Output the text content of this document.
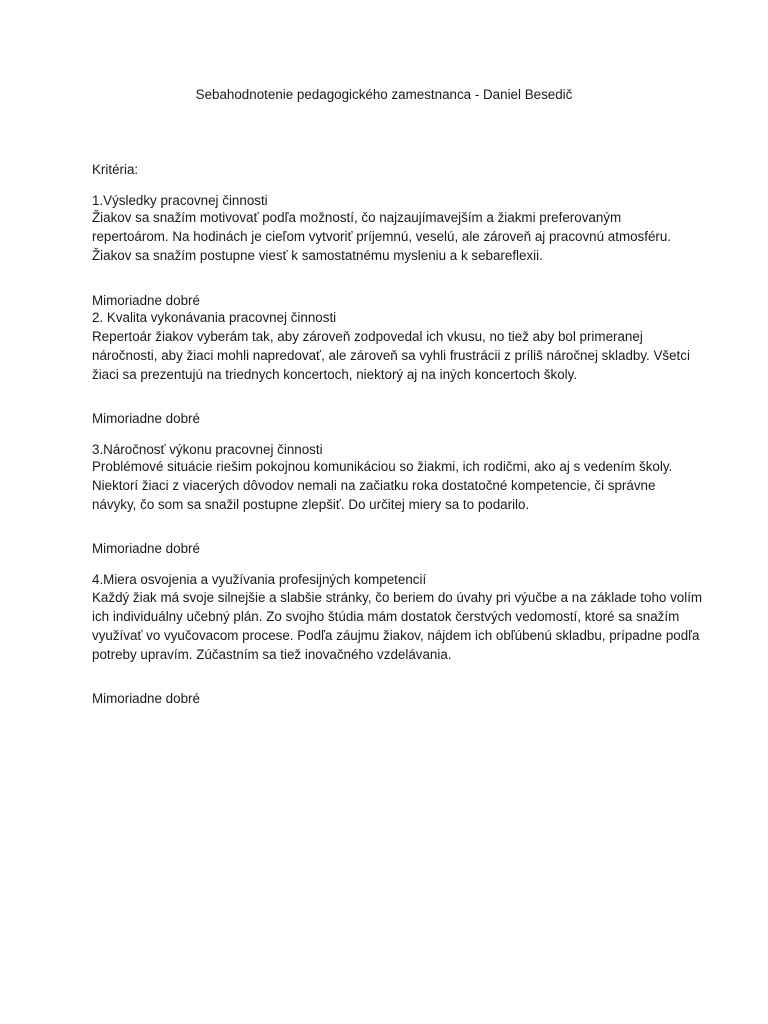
Sebahodnotenie pedagogického zamestnanca - Daniel Besedič

Kritéria:

1.Výsledky pracovnej činnosti

Žiakov sa snažím motivovať podľa možností, čo najzaujímavejším a žiakmi preferovaným
repertoárom. Na hodinách je cieľom vytvoriť príjemnú, veselú, ale zároveň aj pracovnú atmosféru.
Žiakov sa snažím postupne viesť k samostatnému mysleniu a k sebareflexii.

Mimoriadne dobré

2. Kvalita vykonávania pracovnej činnosti
Repertoár žiakov vyberám tak, aby zároveň zodpovedal ich vkusu, no tiež aby bol primeranej
náročnosti, aby žiaci mohli napredovať, ale zároveň sa vyhli frustrácii z príliš náročnej skladby. Všetci
žiaci sa prezentujú na triednych koncertoch, niektorý aj na iných koncertoch školy.

Mimoriadne dobré

3.Náročnosť výkonu pracovnej činnosti

Problémové situácie riešim pokojnou komunikáciou so žiakmi, ich rodičmi, ako aj s vedením školy.
Niektorí žiaci z viacerých dôvodov nemali na začiatku roka dostatočné kompetencie, či správne
návyky, čo som sa snažil postupne zlepšiť. Do určitej miery sa to podarilo.

Mimoriadne dobré

4.Miera osvojenia a využívania profesijných kompetencií

Každý žiak má svoje silnejšie a slabšie stránky, čo beriem do úvahy pri výučbe a na základe toho volím
ich individuálny učebný plán. Zo svojho štúdia mám dostatok čerstvých vedomostí, ktoré sa snažím
využívať vo vyučovacom procese. Podľa záujmu žiakov, nájdem ich obľúbenú skladbu, prípadne podľa
potreby upravím. Zúčastním sa tiež inovačného vzdelávania.

Mimoriadne dobré
